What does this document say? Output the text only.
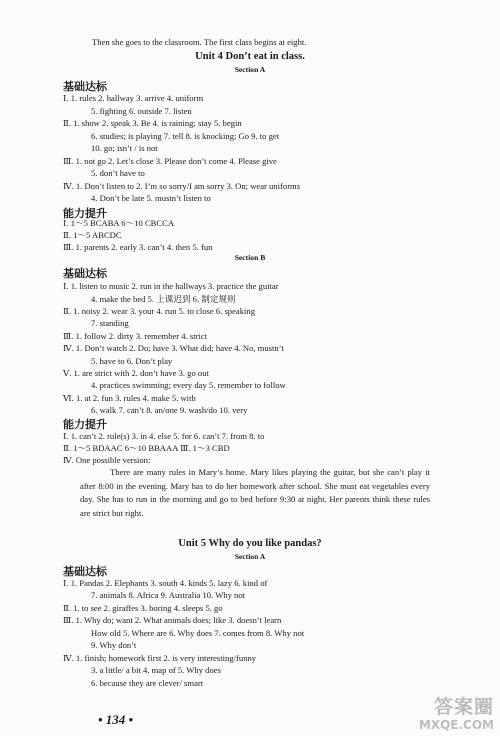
Then she goes to the classroom. The first class begins at eight.
Unit 4 Don’t eat in class.
Section A
基础达标
Ⅰ. 1. rules 2. hallway 3. arrive 4. uniform
5. fighting 6. outside 7. listen
Ⅱ. 1. show 2. speak 3. Be 4. is raining; stay 5. begin
6. studies; is playing 7. tell 8. is knocking; Go 9. to get
10. go; isn’t / is not
Ⅲ. 1. not go 2. Let’s close 3. Please don’t come 4. Please give
5. don’t have to
Ⅳ. 1. Don’t listen to 2. I’m so sorry/I am sorry 3. On; wear uniforms
4. Don’t be late 5. mustn’t listen to
能力提升
Ⅰ. 1～5 BCABA 6～10 CBCCA
Ⅱ. 1～5 ABCDC
Ⅲ. 1. parents 2. early 3. can’t 4. then 5. fun
Section B
基础达标
Ⅰ. 1. listen to music 2. run in the hallways 3. practice the guitar
4. make the bed 5. 上课迟到 6. 制定规则
Ⅱ. 1. noisy 2. wear 3. your 4. run 5. to close 6. speaking
7. standing
Ⅲ. 1. follow 2. dirty 3. remember 4. strict
Ⅳ. 1. Don’t watch 2. Do; have 3. What did; have 4. No, mustn’t
5. have to 6. Don’t play
Ⅴ. 1. are strict with 2. don’t have 3. go out
4. practices swimming; every day 5. remember to follow
Ⅵ. 1. at 2. fun 3. rules 4. make 5. with
6. walk 7. can’t 8. an/one 9. wash/do 10. very
能力提升
Ⅰ. 1. can’t 2. rule(s) 3. in 4. else 5. for 6. can’t 7. from 8. to
Ⅱ. 1～5 BDAAC 6～10 BBAAA Ⅲ. 1～3 CBD
Ⅳ. One possible version:

There are many rules in Mary’s home. Mary likes playing the guitar, but she can’t play it after 8:00 in the evening. Mary has to do her homework after school. She must eat vegetables every day. She has to run in the morning and go to bed before 9:30 at night. Her parents think these rules are strict but right.

Unit 5 Why do you like pandas?
Section A
基础达标
Ⅰ. 1. Pandas 2. Elephants 3. south 4. kinds 5. lazy 6. kind of
7. animals 8. Africa 9. Australia 10. Why not
Ⅱ. 1. to see 2. giraffes 3. boring 4. sleeps 5. go
Ⅲ. 1. Why do; want 2. What animals does; like 3. doesn’t learn
How old 5. Where are 6. Why does 7. comes from 8. Why not
9. Why don’t
Ⅳ. 1. finish; homework first 2. is very interesting/funny
3. a little/ a bit 4. map of 5. Why does
6. because they are clever/ smart
• 134 •
答案圈
MXQE.COM
